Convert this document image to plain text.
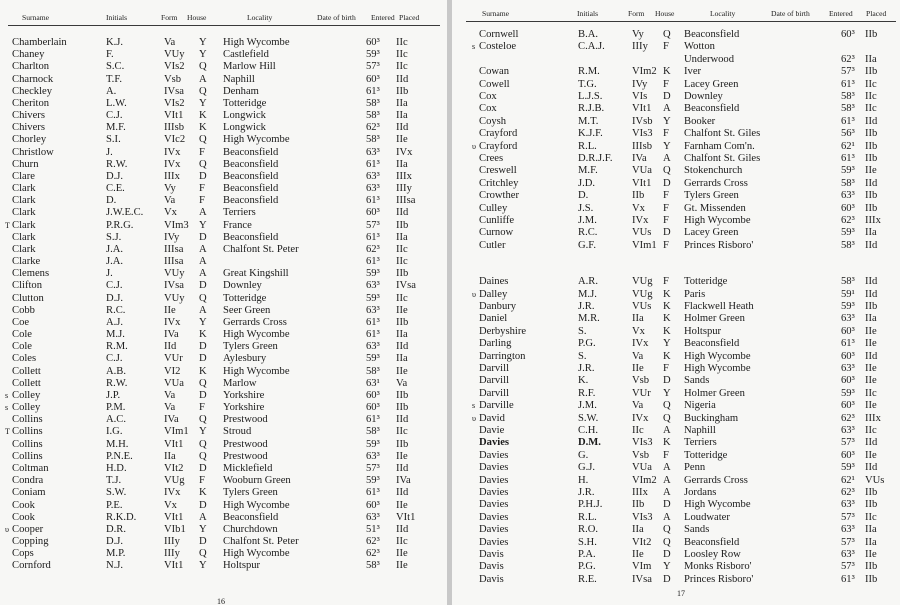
Surname	Initials	Form House	Locality	Date of birth Entered Placed
Chamberlain	K.J.	Va Y High Wycombe	60³ IIc
Chaney	F.	VUy Y Castlefield	59³ IIc
Charlton	S.C.	VIs2 Q Marlow Hill	57³ IIc
Charnock	T.F.	Vsb A Naphill	60³ IId
Checkley	A.	IVsa Q Denham	61³ IIb
Cheriton	L.W.	VIs2 Y Totteridge	58³ IIa
Chivers	C.J.	VIt1 K Longwick	58³ IIa
Chivers	M.F.	IIIsb K Longwick	62³ IId
Chorley	S.I.	VIc2 Q High Wycombe	58³ IIe
Christlow	J.	IVx F Beaconsfield	63³ IVx
Churn	R.W.	IVx Q Beaconsfield	61³ IIa
Clare	D.J.	IIIx D Beaconsfield	63³ IIIx
Clark	C.E.	Vy F Beaconsfield	63³ IIIy
Clark	D.	Va F Beaconsfield	61³ IIIsa
Clark	J.W.E.C. Vx A Terriers	60³ IId
T Clark	P.R.G.	VIm3 Y France	57³ IIb
Clark	S.J.	IVy D Beaconsfield	61³ IIa
Clark	J.A.	IIIsa A Chalfont St. Peter	62³ IIc
Clarke	J.A.	IIIsa A	61³ IIc
Clemens	J.	VUy A Great Kingshill	59³ IIb
Clifton	C.J.	IVsa D Downley	63³ IVsa
Clutton	D.J.	VUy Q Totteridge	59³ IIc
Cobb	R.C.	IIe A Seer Green	63³ IIe
Coe	A.J.	IVx Y Gerrards Cross	61³ IIb
Cole	M.J.	IVa K High Wycombe	61³ IIa
Cole	R.M.	IId D Tylers Green	63³ IId
Coles	C.J.	VUr D Aylesbury	59³ IIa
Collett	A.B.	VI2 K High Wycombe	58³ IIe
Collett	R.W.	VUa Q Marlow	63¹ Va
s Colley	J.P.	Va D Yorkshire	60³ IIb
s Colley	P.M.	Va F Yorkshire	60³ IIb
Collins	A.C.	IVa Q Prestwood	61³ IId
T Collins	I.G.	VIm1 Y Stroud	58³ IIc
Collins	M.H.	VIt1 Q Prestwood	59³ IIb
Collins	P.N.E.	IIa Q Prestwood	63³ IIe
Coltman	H.D.	VIt2 D Micklefield	57³ IId
Condra	T.J.	VUg F Wooburn Green	59³ IVa
Coniam	S.W.	IVx K Tylers Green	61³ IId
Cook	P.E.	Vx D High Wycombe	60³ IIe
Cook	R.K.D.	VIt1 A Beaconsfield	63³ VIt1
υ Cooper	D.R.	VIb1 Y Churchdown	51³ IId
Copping	D.J.	IIIy D Chalfont St. Peter	62³ IIc
Cops	M.P.	IIIy Q High Wycombe	62³ IIe
Cornford	N.J.	VIt1 Y Holtspur	58³ IIe
16
Surname	Initials	Form House	Locality	Date of birth	Entered Placed
Cornwell	B.A.	Vy Q Beaconsfield	60³ IIb
s Costeloe	C.A.J.	IIIy F Wotton
Underwood	62³ IIa
Cowan	R.M.	VIm2 K Iver	57³ IIb
Cowell	T.G.	IVy F Lacey Green	61³ IIc
Cox	L.J.S.	VIs D Downley	58³ IIc
Cox	R.J.B.	VIt1 A Beaconsfield	58³ IIc
Coysh	M.T.	IVsb Y Booker	61³ IId
Crayford	K.J.F.	VIs3 F Chalfont St. Giles	56³ IIb
υ Crayford	R.L.	IIIsb Y Farnham Com'n.	62¹ IIb
Crees	D.R.J.F. IVa A Chalfont St. Giles	61³ IIb
Creswell	M.F.	VUa Q Stokenchurch	59³ IIe
Critchley	J.D.	VIt1 D Gerrards Cross	58³ IId
Crowther	D.	IIb F Tylers Green	63³ IIb
Culley	J.S.	Vx F Gt. Missenden	60³ IIb
Cunliffe	J.M.	IVx F High Wycombe	62³ IIIx
Curnow	R.C.	VUs D Lacey Green	59³ IIa
Cutler	G.F.	VIm1 F Princes Risboro'	58³ IId
Daines	A.R.	VUg F Totteridge	58³ IId
υ Dalley	M.J.	VUg K Paris	59¹ IId
Danbury	J.R.	VUs K Flackwell Heath	59³ IIb
Daniel	M.R.	IIa K Holmer Green	63³ IIa
Derbyshire	S.	Vx K Holtspur	60³ IIe
Darling	P.G.	IVx Y Beaconsfield	61³ IIe
Darrington	S.	Va K High Wycombe	60³ IId
Darvill	J.R.	IIe F High Wycombe	63³ IIe
Darvill	K.	Vsb D Sands	60³ IIe
Darvill	R.F.	VUr Y Holmer Green	59³ IIc
s Darville	J.M.	Va Q Nigeria	60³ IIe
υ David	S.W.	IVx Q Buckingham	62³ IIIx
Davie	C.H.	IIc A Naphill	63³ IIc
Davies	D.M.	VIs3 K Terriers	57³ IId
Davies	G.	Vsb F Totteridge	60³ IIe
Davies	G.J.	VUa A Penn	59³ IId
Davies	H.	VIm2 A Gerrards Cross	62¹ VUs
Davies	J.R.	IIIx A Jordans	62³ IIb
Davies	P.H.J.	IIb D High Wycombe	63³ IIb
Davies	R.L.	VIs3 A Loudwater	57³ IIc
Davies	R.O.	IIa Q Sands	63³ IIa
Davies	S.H.	VIt2 Q Beaconsfield	57³ IIa
Davis	P.A.	IIe D Loosley Row	63³ IIe
Davis	P.G.	VIm Y Monks Risboro'	57³ IIb
Davis	R.E.	IVsa D Princes Risboro'	61³ IIb
17
